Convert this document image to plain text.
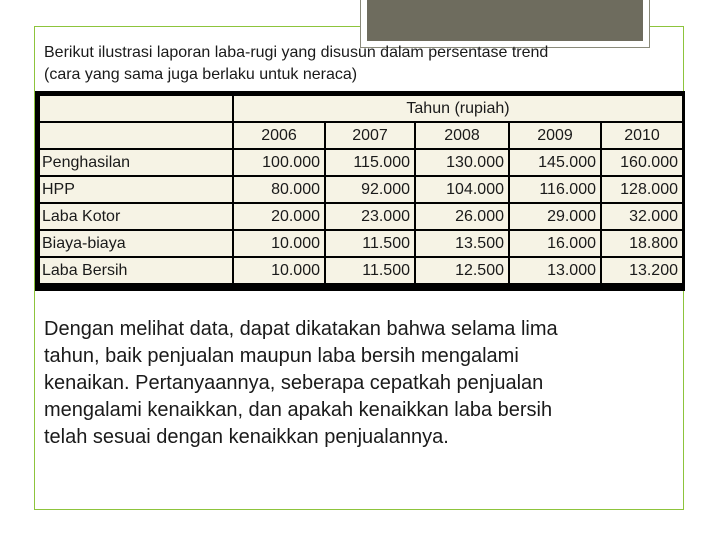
Berikut ilustrasi laporan laba-rugi yang disusun dalam persentase trend
(cara yang sama juga berlaku untuk neraca)
	Tahun (rupiah)				
	2006	2007	2008	2009	2010
Penghasilan	100.000	115.000	130.000	145.000	160.000
HPP	80.000	92.000	104.000	116.000	128.000
Laba Kotor	20.000	23.000	26.000	29.000	32.000
Biaya-biaya	10.000	11.500	13.500	16.000	18.800
Laba Bersih	10.000	11.500	12.500	13.000	13.200
Dengan melihat data, dapat dikatakan bahwa selama lima
tahun, baik penjualan maupun laba bersih mengalami
kenaikan. Pertanyaannya, seberapa cepatkah penjualan
mengalami kenaikkan, dan apakah kenaikkan laba bersih
telah sesuai dengan kenaikkan penjualannya.
